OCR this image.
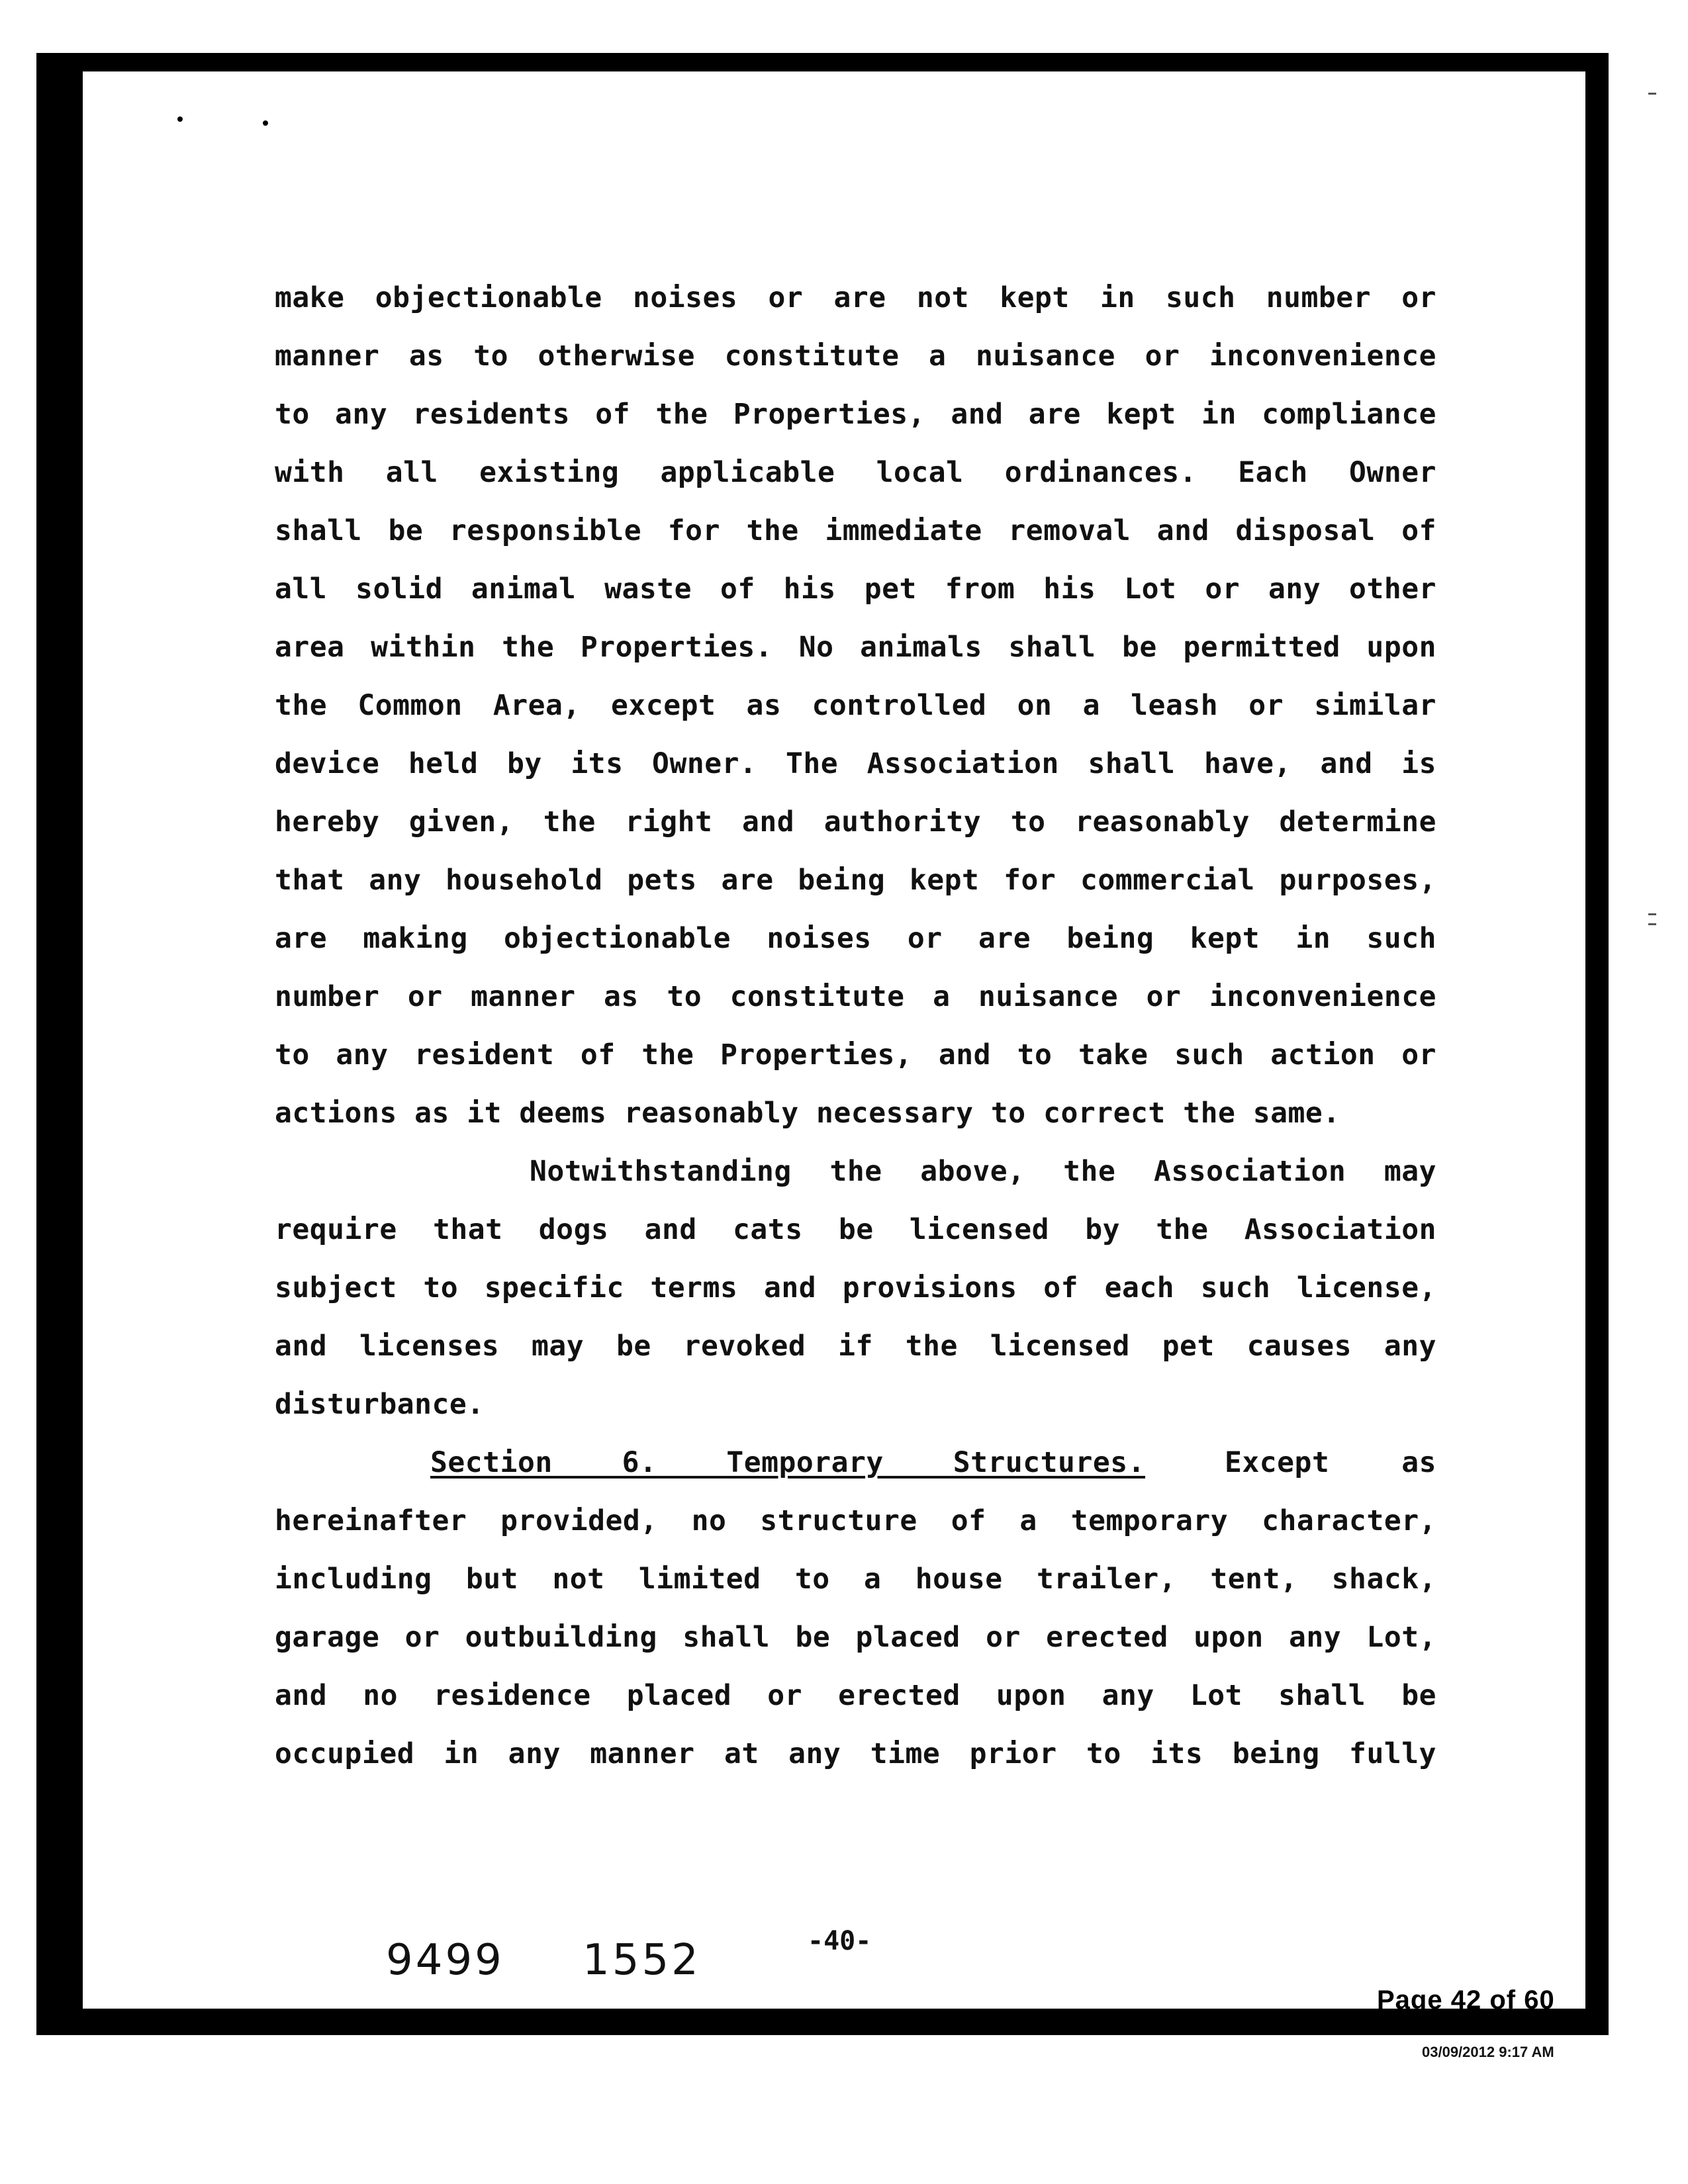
make objectionable noises or are not kept in such number or
manner as to otherwise constitute a nuisance or inconvenience
to any residents of the Properties, and are kept in compliance
with all existing applicable local ordinances. Each Owner
shall be responsible for the immediate removal and disposal of
all solid animal waste of his pet from his Lot or any other
area within the Properties. No animals shall be permitted upon
the Common Area, except as controlled on a leash or similar
device held by its Owner. The Association shall have, and is
hereby given, the right and authority to reasonably determine
that any household pets are being kept for commercial purposes,
are making objectionable noises or are being kept in such
number or manner as to constitute a nuisance or inconvenience
to any resident of the Properties, and to take such action or
actions as it deems reasonably necessary to correct the same.
Notwithstanding the above, the Association may
require that dogs and cats be licensed by the Association
subject to specific terms and provisions of each such license,
and licenses may be revoked if the licensed pet causes any
disturbance.
Section 6. Temporary Structures.	Except as
hereinafter provided, no structure of a temporary character,
including but not limited to a house trailer, tent, shack,
garage or outbuilding shall be placed or erected upon any Lot,
and no residence placed or erected upon any Lot shall be
occupied in any manner at any time prior to its being fully
9499 1552	-40-
Page 42 of 60
03/09/2012 9:17 AM
